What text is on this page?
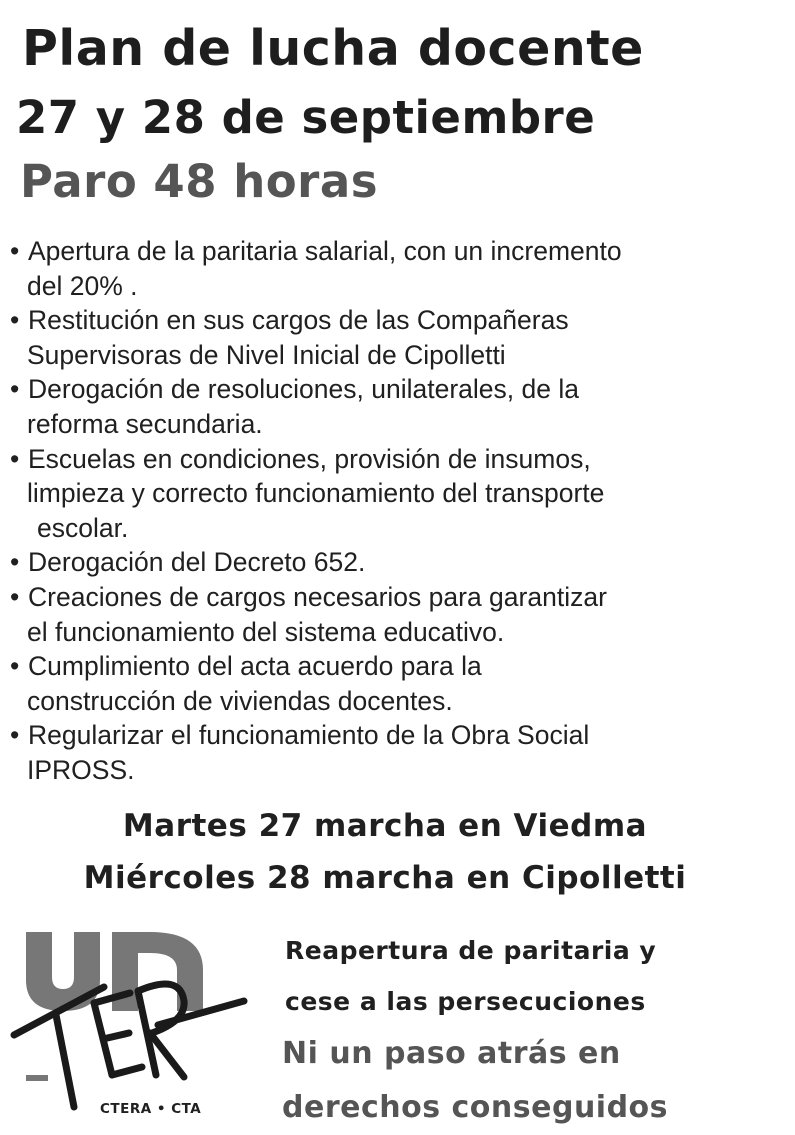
Plan de lucha docente
27 y 28 de septiembre
Paro 48 horas
• Apertura de la paritaria salarial, con un incremento
del 20% .
• Restitución en sus cargos de las Compañeras
Supervisoras de Nivel Inicial de Cipolletti
• Derogación de resoluciones, unilaterales, de la
reforma secundaria.
• Escuelas en condiciones, provisión de insumos,
limpieza y correcto funcionamiento del transporte
escolar.
• Derogación del Decreto 652.
• Creaciones de cargos necesarios para garantizar
el funcionamiento del sistema educativo.
• Cumplimiento del acta acuerdo para la
construcción de viviendas docentes.
• Regularizar el funcionamiento de la Obra Social
IPROSS.
Martes 27 marcha en Viedma
Miércoles 28 marcha en Cipolletti
CTERA • CTA
Reapertura de paritaria y
cese a las persecuciones
Ni un paso atrás en
derechos conseguidos
